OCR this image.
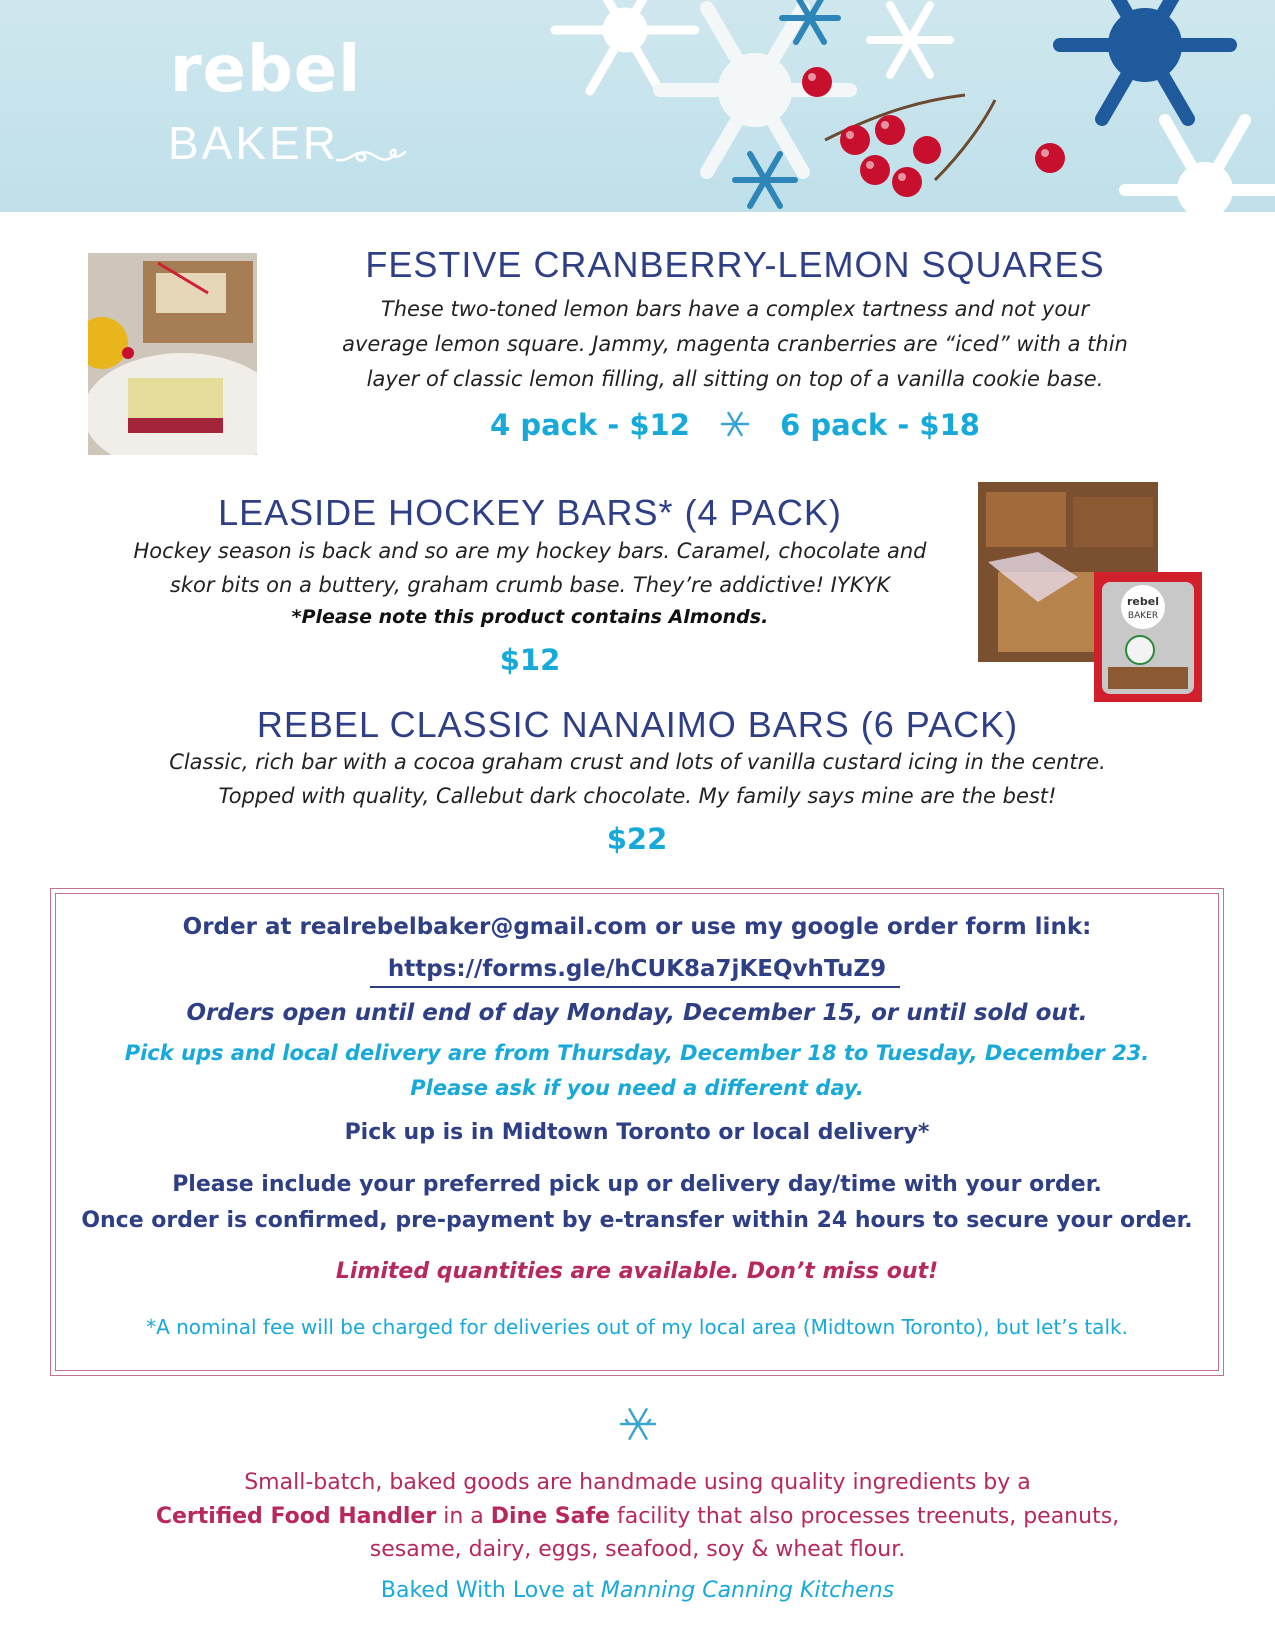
rebel
BAKER
FESTIVE CRANBERRY-LEMON SQUARES
These two-toned lemon bars have a complex tartness and not your
average lemon square. Jammy, magenta cranberries are “iced” with a thin
layer of classic lemon filling, all sitting on top of a vanilla cookie base.
4 pack - $12	6 pack - $18
LEASIDE HOCKEY BARS* (4 PACK)
Hockey season is back and so are my hockey bars. Caramel, chocolate and
skor bits on a buttery, graham crumb base. They’re addictive! IYKYK
*Please note this product contains Almonds.
$12
rebel
BAKER
REBEL CLASSIC NANAIMO BARS (6 PACK)
Classic, rich bar with a cocoa graham crust and lots of vanilla custard icing in the centre.
Topped with quality, Callebut dark chocolate. My family says mine are the best!
$22
Order at realrebelbaker@gmail.com or use my google order form link:
https://forms.gle/hCUK8a7jKEQvhTuZ9
Orders open until end of day Monday, December 15, or until sold out.
Pick ups and local delivery are from Thursday, December 18 to Tuesday, December 23.
Please ask if you need a different day.
Pick up is in Midtown Toronto or local delivery*
Please include your preferred pick up or delivery day/time with your order.
Once order is confirmed, pre-payment by e-transfer within 24 hours to secure your order.
Limited quantities are available. Don’t miss out!
*A nominal fee will be charged for deliveries out of my local area (Midtown Toronto), but let’s talk.
Small-batch, baked goods are handmade using quality ingredients by a
Certified Food Handler in a Dine Safe facility that also processes treenuts, peanuts,
sesame, dairy, eggs, seafood, soy & wheat flour.
Baked With Love at Manning Canning Kitchens
